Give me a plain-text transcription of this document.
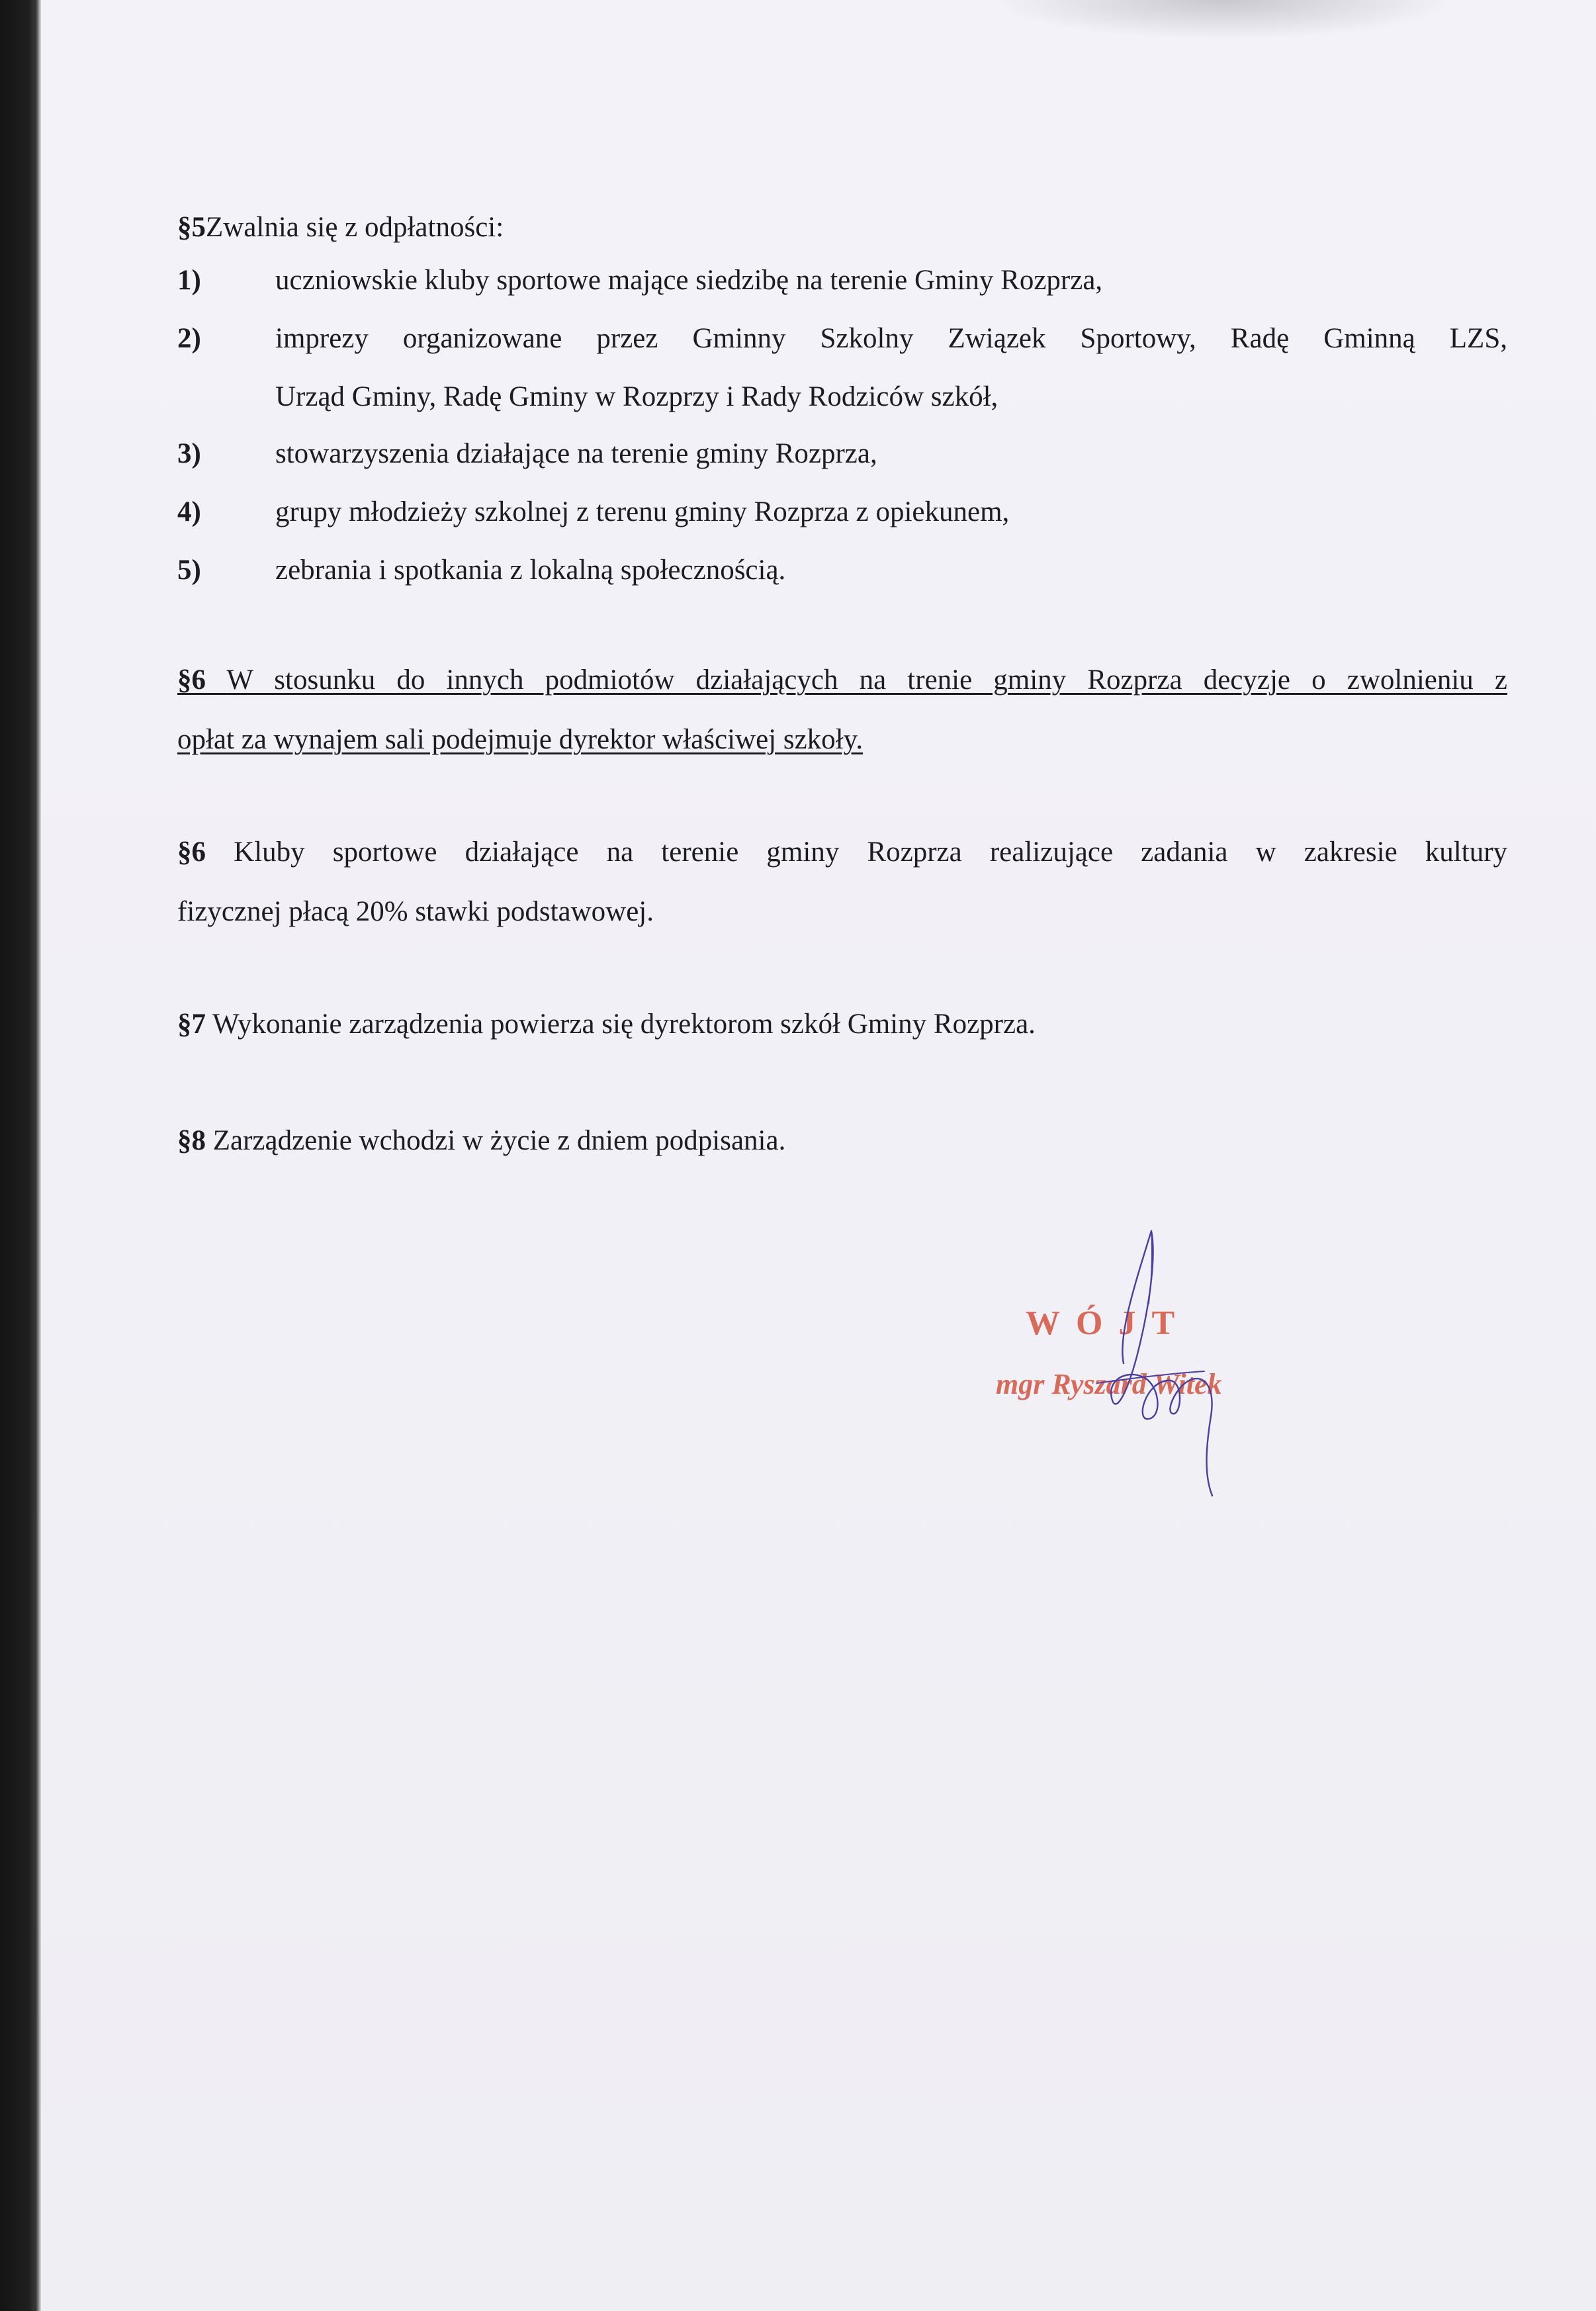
§5Zwalnia się z odpłatności:
1)	uczniowskie kluby sportowe mające siedzibę na terenie Gminy Rozprza,
2)	imprezy organizowane przez Gminny Szkolny Związek Sportowy, Radę Gminną LZS,
Urząd Gminy, Radę Gminy w Rozprzy i Rady Rodziców szkół,
3)	stowarzyszenia działające na terenie gminy Rozprza,
4)	grupy młodzieży szkolnej z terenu gminy Rozprza z opiekunem,
5)	zebrania i spotkania z lokalną społecznością.
§6 W stosunku do innych podmiotów działających na trenie gminy Rozprza decyzje o zwolnieniu z
opłat za wynajem sali podejmuje dyrektor właściwej szkoły.
§6 Kluby sportowe działające na terenie gminy Rozprza realizujące zadania w zakresie kultury
fizycznej płacą 20% stawki podstawowej.
§7 Wykonanie zarządzenia powierza się dyrektorom szkół Gminy Rozprza.
§8 Zarządzenie wchodzi w życie z dniem podpisania.
WÓJT
mgr Ryszard Witek
